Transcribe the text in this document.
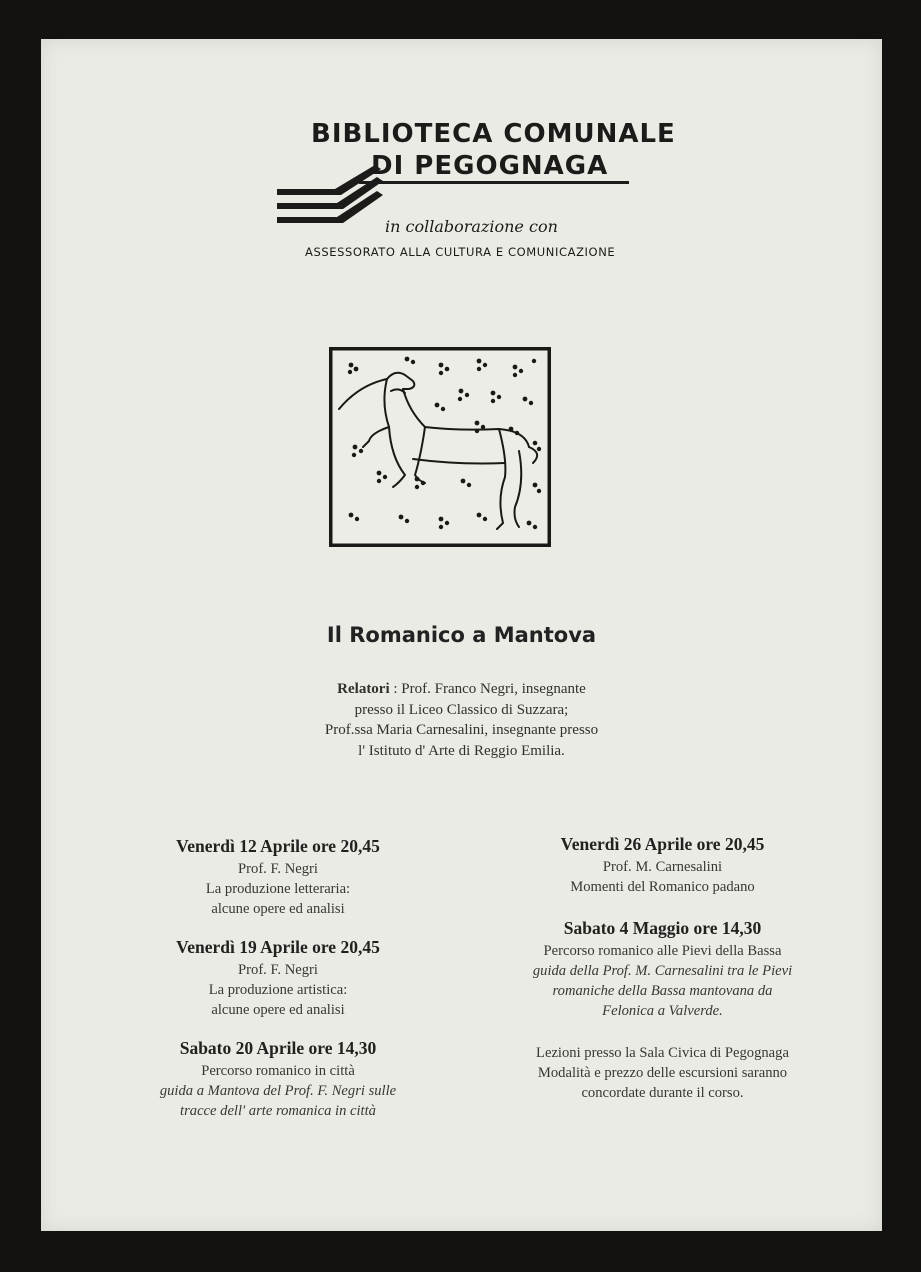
BIBLIOTECA COMUNALE
DI PEGOGNAGA
in collaborazione con
ASSESSORATO ALLA CULTURA E COMUNICAZIONE
Il Romanico a Mantova
Relatori : Prof. Franco Negri, insegnante
presso il Liceo Classico di Suzzara;
Prof.ssa Maria Carnesalini, insegnante presso
l' Istituto d' Arte di Reggio Emilia.
Venerdì 12 Aprile ore 20,45
Prof. F. Negri
La produzione letteraria:
alcune opere ed analisi
Venerdì 19 Aprile ore 20,45
Prof. F. Negri
La produzione artistica:
alcune opere ed analisi
Sabato 20 Aprile ore 14,30
Percorso romanico in città
guida a Mantova del Prof. F. Negri sulle
tracce dell' arte romanica in città
Venerdì 26 Aprile ore 20,45
Prof. M. Carnesalini
Momenti del Romanico padano
Sabato 4 Maggio ore 14,30
Percorso romanico alle Pievi della Bassa
guida della Prof. M. Carnesalini tra le Pievi
romaniche della Bassa mantovana da
Felonica a Valverde.
Lezioni presso la Sala Civica di Pegognaga
Modalità e prezzo delle escursioni saranno
concordate durante il corso.
